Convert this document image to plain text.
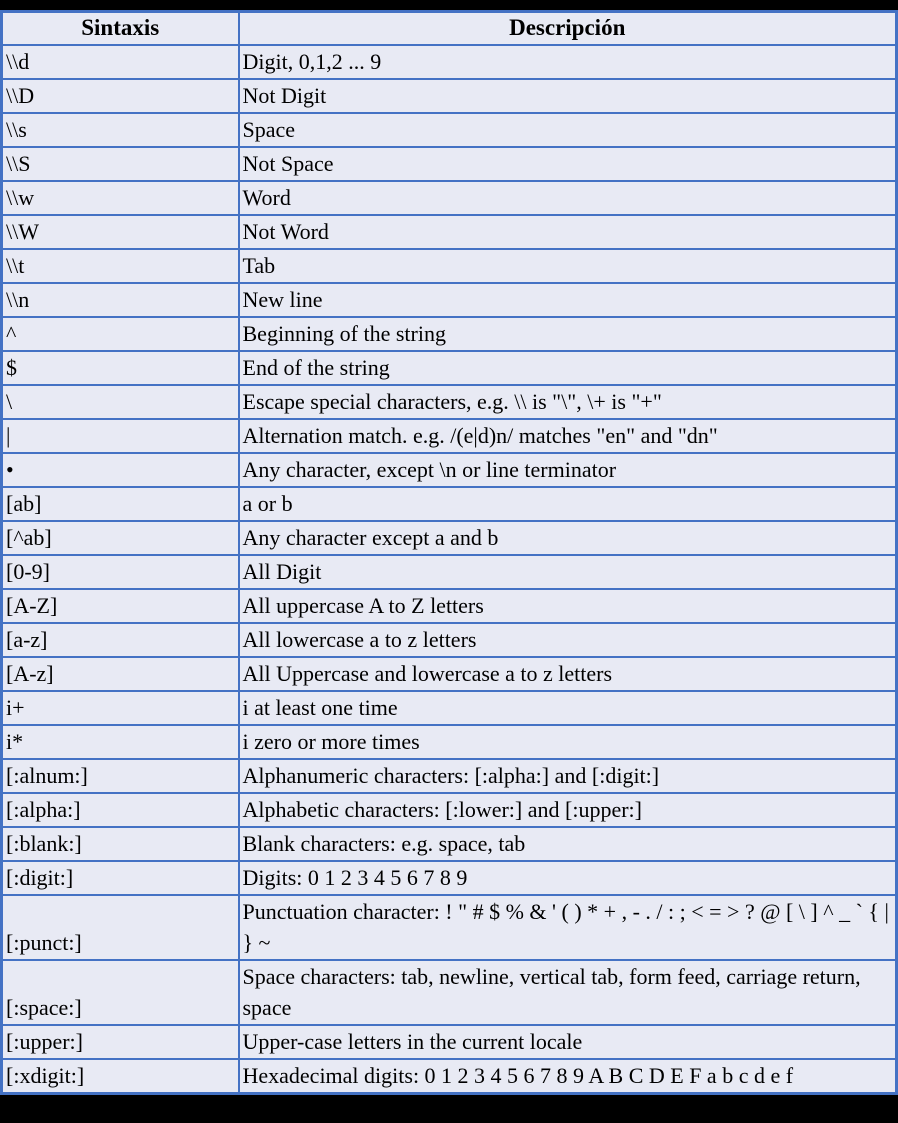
Sintaxis	Descripción
\\d	Digit, 0,1,2 ... 9
\\D	Not Digit
\\s	Space
\\S	Not Space
\\w	Word
\\W	Not Word
\\t	Tab
\\n	New line
^	Beginning of the string
$	End of the string
\	Escape special characters, e.g. \\ is "\", \+ is "+"
|	Alternation match. e.g. /(e|d)n/ matches "en" and "dn"
•	Any character, except \n or line terminator
[ab]	a or b
[^ab]	Any character except a and b
[0-9]	All Digit
[A-Z]	All uppercase A to Z letters
[a-z]	All lowercase a to z letters
[A-z]	All Uppercase and lowercase a to z letters
i+	i at least one time
i*	i zero or more times
[:alnum:]	Alphanumeric characters: [:alpha:] and [:digit:]
[:alpha:]	Alphabetic characters: [:lower:] and [:upper:]
[:blank:]	Blank characters: e.g. space, tab
[:digit:]	Digits: 0 1 2 3 4 5 6 7 8 9
[:punct:]	Punctuation character: ! " # $ % & ' ( ) * + , - . / : ; < = > ? @ [ \ ] ^ _ ` { | } ~
[:space:]	Space characters: tab, newline, vertical tab, form feed, carriage return, space
[:upper:]	Upper-case letters in the current locale
[:xdigit:]	Hexadecimal digits: 0 1 2 3 4 5 6 7 8 9 A B C D E F a b c d e f
